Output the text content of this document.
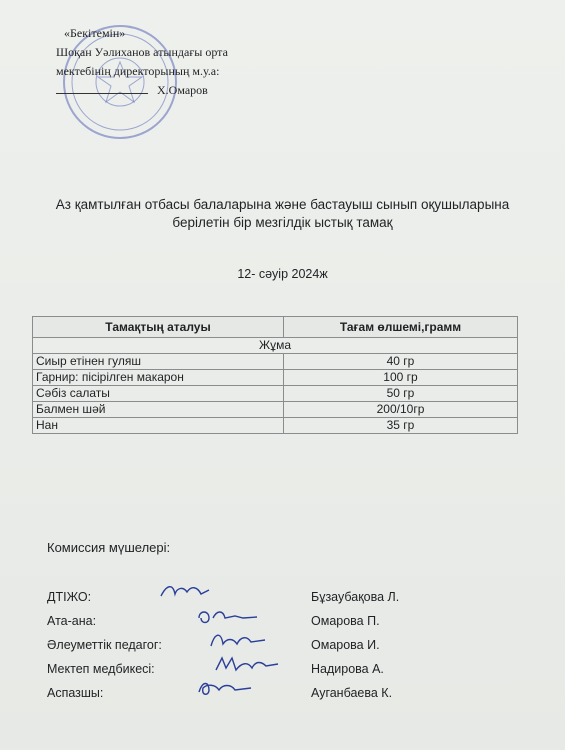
«Бекітемін»
Шоқан Уәлиханов атындағы орта
мектебінің директорының м.у.а:
Х.Омаров
Аз қамтылған отбасы балаларына және бастауыш сынып оқушыларына берілетін бір мезгілдік ыстық тамақ
12- сәуір 2024ж
Тамақтың аталуы	Тағам өлшемі,грамм
Жұма	
Сиыр етінен гуляш	40 гр
Гарнир: пісірілген макарон	100 гр
Сәбіз салаты	50 гр
Балмен шәй	200/10гр
Нан	35 гр
Комиссия мүшелері:
ДТІЖО:	Бұзаубақова Л.
Ата-ана:	Омарова П.
Әлеуметтік педагог:	Омарова И.
Мектеп медбикесі:	Надирова А.
Аспазшы:	Ауганбаева К.
